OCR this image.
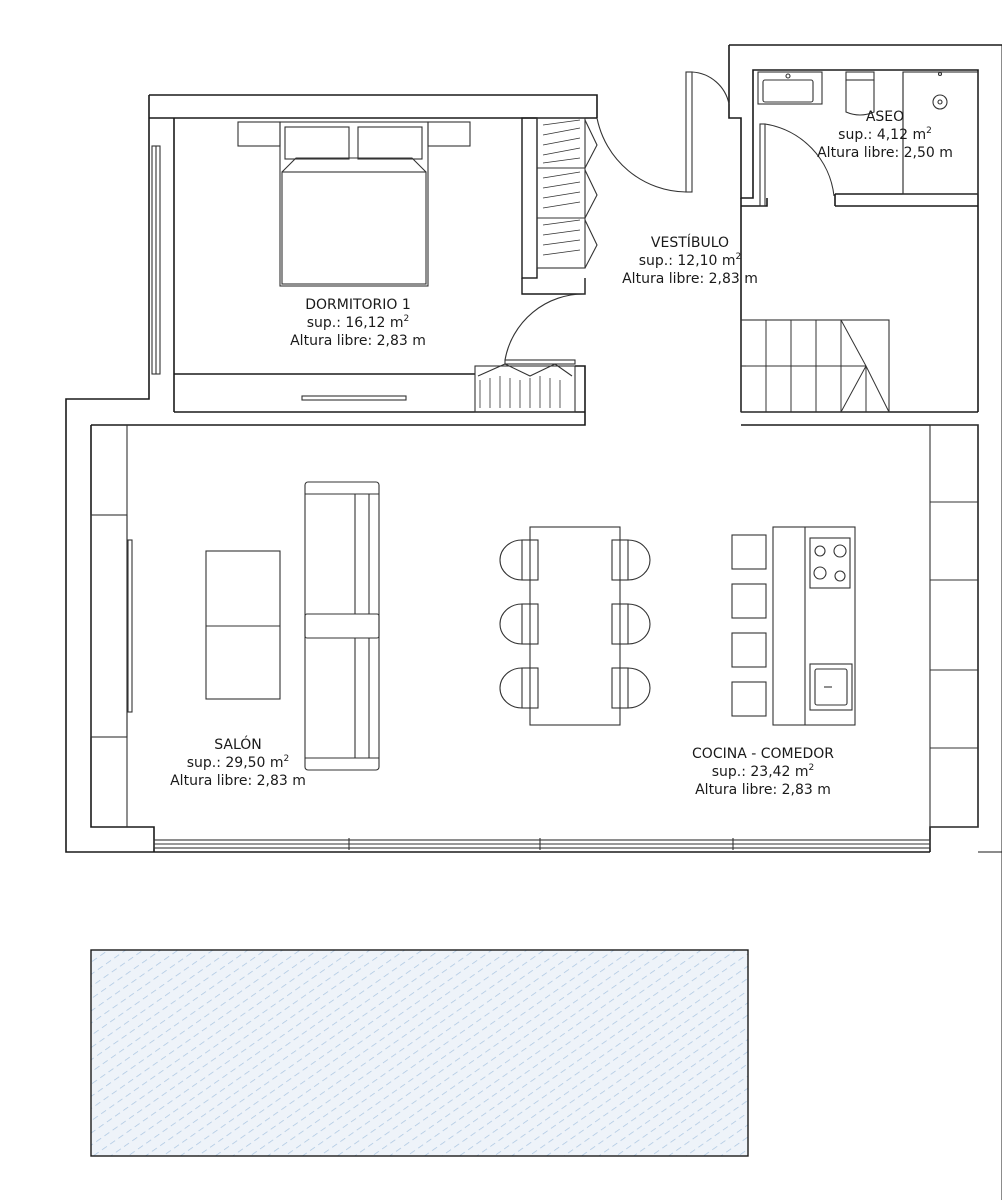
DORMITORIO 1
sup.: 16,12 $m^2$
Altura libre: 2,83 m
VESTÍBULO
sup.: 12,10 $m^2$
Altura libre: 2,83 m
ASEO
sup.: 4,12 $m^2$
Altura libre: 2,50 m
SALÓN
sup.: 29,50 $m^2$
Altura libre: 2,83 m
COCINA - COMEDOR
sup.: 23,42 $m^2$
Altura libre: 2,83 m
